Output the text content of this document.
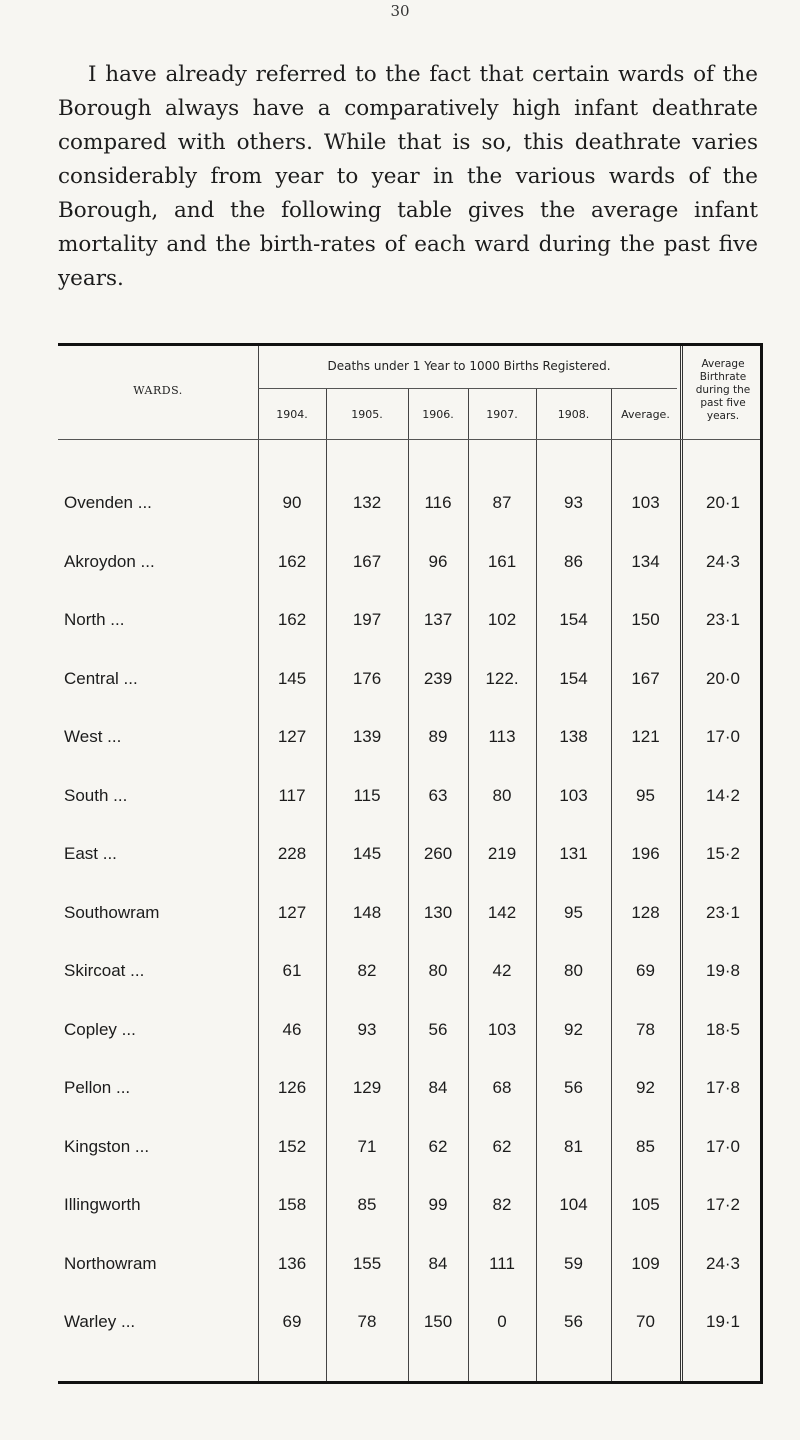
30

I have already referred to the fact that certain wards of the Borough always have a comparatively high infant deathrate compared with others. While that is so, this deathrate varies considerably from year to year in the various wards of the Borough, and the following table gives the average infant mortality and the birth-rates of each ward during the past five years.

WARDS.
Deaths under 1 Year to 1000 Births Registered.	Average Birthrate during the past five years.
1904.	1905.	1906.	1907.	1908.	Average.
Ovenden ...	90	132	116	87	93	103	20·1
Akroydon ...	162	167	96	161	86	134	24·3
North ...	162	197	137	102	154	150	23·1
Central ...	145	176	239	122.	154	167	20·0
West ...	127	139	89	113	138	121	17·0
South ...	117	115	63	80	103	95	14·2
East ...	228	145	260	219	131	196	15·2
Southowram	127	148	130	142	95	128	23·1
Skircoat ...	61	82	80	42	80	69	19·8
Copley ...	46	93	56	103	92	78	18·5
Pellon ...	126	129	84	68	56	92	17·8
Kingston ...	152	71	62	62	81	85	17·0
Illingworth	158	85	99	82	104	105	17·2
Northowram	136	155	84	111	59	109	24·3
Warley ...	69	78	150	0	56	70	19·1
